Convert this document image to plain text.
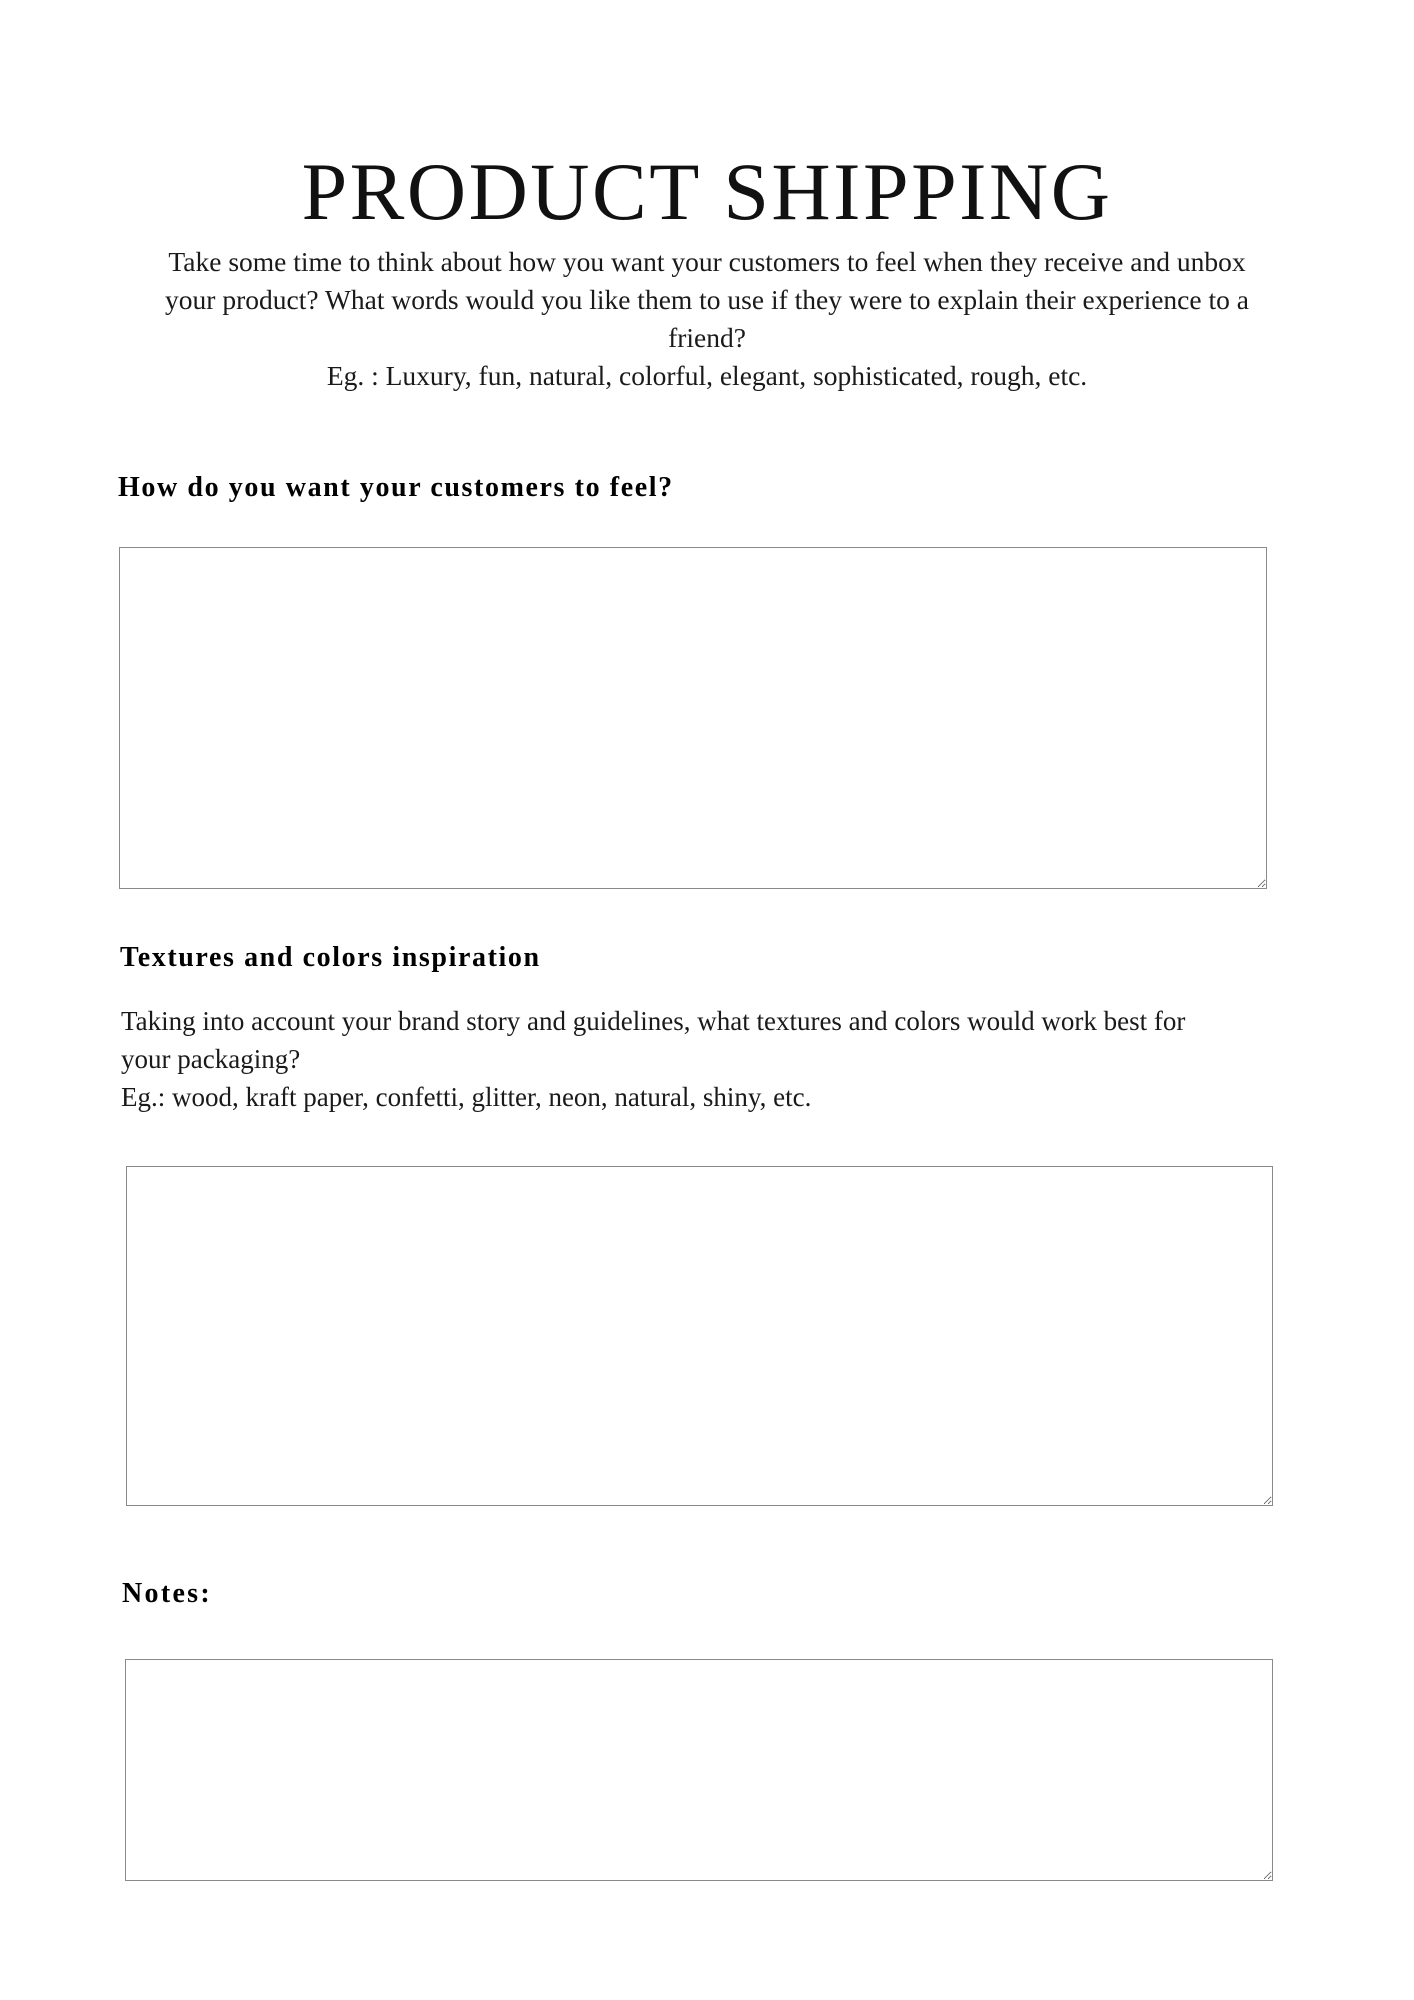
PRODUCT SHIPPING
Take some time to think about how you want your customers to feel when they receive and unbox your product? What words would you like them to use if they were to explain their experience to a friend?
Eg. : Luxury, fun, natural, colorful, elegant, sophisticated, rough, etc.
How do you want your customers to feel?
Textures and colors inspiration
Taking into account your brand story and guidelines, what textures and colors would work best for your packaging?
Eg.: wood, kraft paper, confetti, glitter, neon, natural, shiny, etc.
Notes:
